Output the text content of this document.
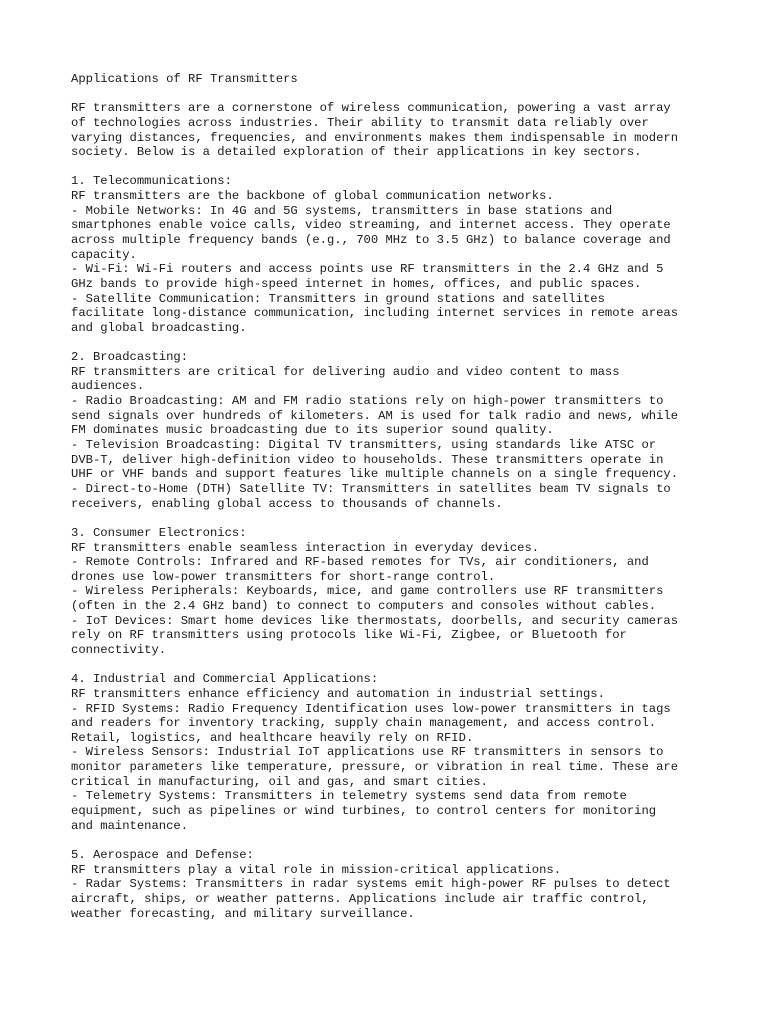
Applications of RF Transmitters
RF transmitters are a cornerstone of wireless communication, powering a vast array
of technologies across industries. Their ability to transmit data reliably over
varying distances, frequencies, and environments makes them indispensable in modern
society. Below is a detailed exploration of their applications in key sectors.
1. Telecommunications:
RF transmitters are the backbone of global communication networks.
- Mobile Networks: In 4G and 5G systems, transmitters in base stations and
smartphones enable voice calls, video streaming, and internet access. They operate
across multiple frequency bands (e.g., 700 MHz to 3.5 GHz) to balance coverage and
capacity.
- Wi-Fi: Wi-Fi routers and access points use RF transmitters in the 2.4 GHz and 5
GHz bands to provide high-speed internet in homes, offices, and public spaces.
- Satellite Communication: Transmitters in ground stations and satellites
facilitate long-distance communication, including internet services in remote areas
and global broadcasting.
2. Broadcasting:
RF transmitters are critical for delivering audio and video content to mass
audiences.
- Radio Broadcasting: AM and FM radio stations rely on high-power transmitters to
send signals over hundreds of kilometers. AM is used for talk radio and news, while
FM dominates music broadcasting due to its superior sound quality.
- Television Broadcasting: Digital TV transmitters, using standards like ATSC or
DVB-T, deliver high-definition video to households. These transmitters operate in
UHF or VHF bands and support features like multiple channels on a single frequency.
- Direct-to-Home (DTH) Satellite TV: Transmitters in satellites beam TV signals to
receivers, enabling global access to thousands of channels.
3. Consumer Electronics:
RF transmitters enable seamless interaction in everyday devices.
- Remote Controls: Infrared and RF-based remotes for TVs, air conditioners, and
drones use low-power transmitters for short-range control.
- Wireless Peripherals: Keyboards, mice, and game controllers use RF transmitters
(often in the 2.4 GHz band) to connect to computers and consoles without cables.
- IoT Devices: Smart home devices like thermostats, doorbells, and security cameras
rely on RF transmitters using protocols like Wi-Fi, Zigbee, or Bluetooth for
connectivity.
4. Industrial and Commercial Applications:
RF transmitters enhance efficiency and automation in industrial settings.
- RFID Systems: Radio Frequency Identification uses low-power transmitters in tags
and readers for inventory tracking, supply chain management, and access control.
Retail, logistics, and healthcare heavily rely on RFID.
- Wireless Sensors: Industrial IoT applications use RF transmitters in sensors to
monitor parameters like temperature, pressure, or vibration in real time. These are
critical in manufacturing, oil and gas, and smart cities.
- Telemetry Systems: Transmitters in telemetry systems send data from remote
equipment, such as pipelines or wind turbines, to control centers for monitoring
and maintenance.
5. Aerospace and Defense:
RF transmitters play a vital role in mission-critical applications.
- Radar Systems: Transmitters in radar systems emit high-power RF pulses to detect
aircraft, ships, or weather patterns. Applications include air traffic control,
weather forecasting, and military surveillance.
